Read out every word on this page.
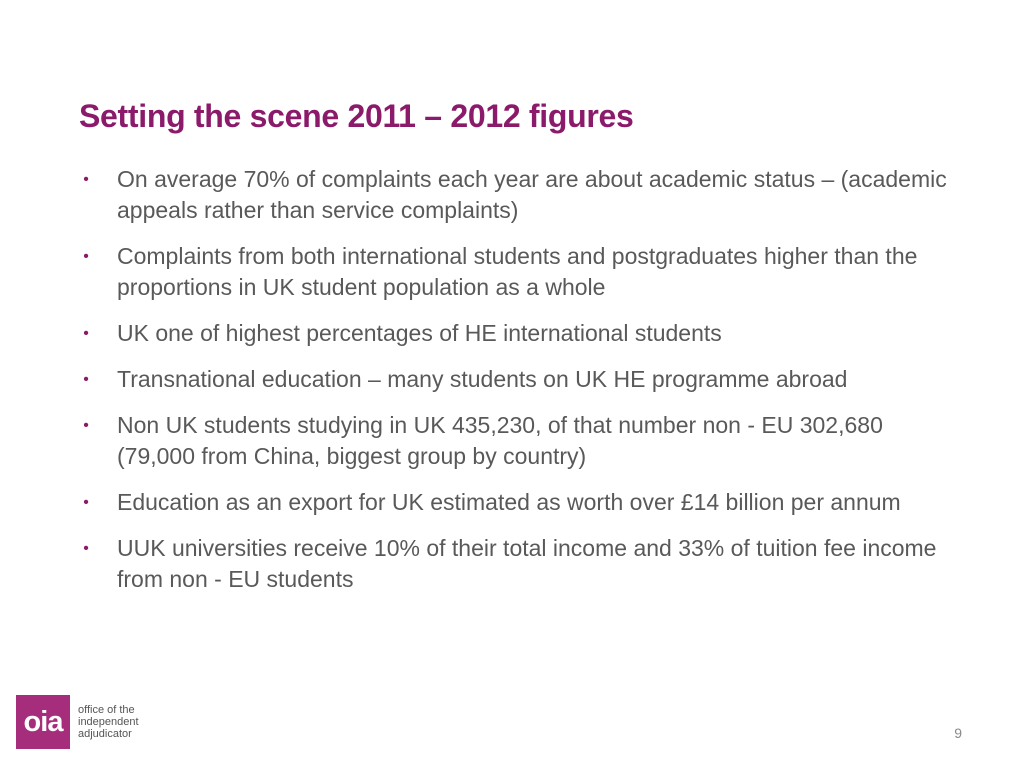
Setting the scene 2011 – 2012 figures
• On average 70% of complaints each year are about academic status – (academic appeals rather than service complaints)
• Complaints from both international students and postgraduates higher than the proportions in UK student population as a whole
• UK one of highest percentages of HE international students
• Transnational education – many students on UK HE programme abroad
• Non UK students studying in UK 435,230, of that number non - EU 302,680 (79,000 from China, biggest group by country)
• Education as an export for UK estimated as worth over £14 billion per annum
• UUK universities receive 10% of their total income and 33% of tuition fee income from non - EU students
oia	office of the
independent
adjudicator	9
